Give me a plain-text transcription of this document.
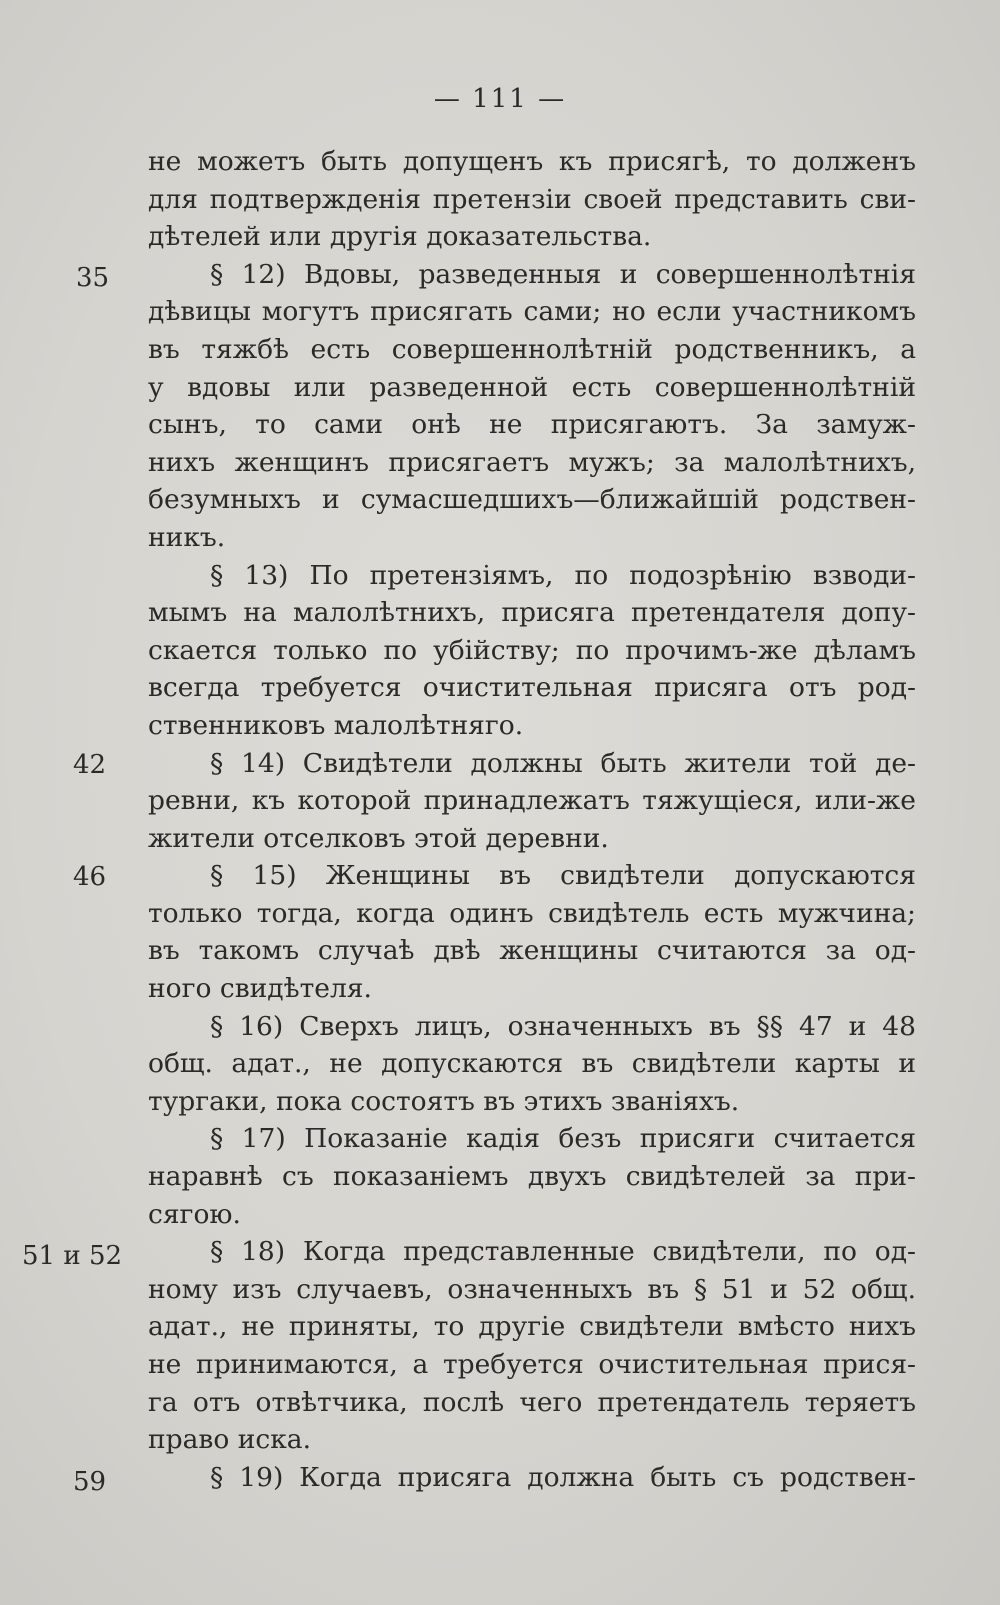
— 111 —
35
42
46
51 и 52
59
не можетъ быть допущенъ къ присягѣ, то долженъ
для подтвержденія претензіи своей представить сви-
дѣтелей или другія доказательства.
§ 12) Вдовы, разведенныя и совершеннолѣтнія
дѣвицы могутъ присягать сами; но если участникомъ
въ тяжбѣ есть совершеннолѣтній родственникъ, а
у вдовы или разведенной есть совершеннолѣтній
сынъ, то сами онѣ не присягаютъ. За замуж-
нихъ женщинъ присягаетъ мужъ; за малолѣтнихъ,
безумныхъ и сумасшедшихъ—ближайшій родствен-
никъ.
§ 13) По претензіямъ, по подозрѣнію взводи-
мымъ на малолѣтнихъ, присяга претендателя допу-
скается только по убійству; по прочимъ-же дѣламъ
всегда требуется очистительная присяга отъ род-
ственниковъ малолѣтняго.
§ 14) Свидѣтели должны быть жители той де-
ревни, къ которой принадлежатъ тяжущіеся, или-же
жители отселковъ этой деревни.
§ 15) Женщины въ свидѣтели допускаются
только тогда, когда одинъ свидѣтель есть мужчина;
въ такомъ случаѣ двѣ женщины считаются за од-
ного свидѣтеля.
§ 16) Сверхъ лицъ, означенныхъ въ §§ 47 и 48
общ. адат., не допускаются въ свидѣтели карты и
тургаки, пока состоятъ въ этихъ званіяхъ.
§ 17) Показаніе кадія безъ присяги считается
наравнѣ съ показаніемъ двухъ свидѣтелей за при-
сягою.
§ 18) Когда представленные свидѣтели, по од-
ному изъ случаевъ, означенныхъ въ § 51 и 52 общ.
адат., не приняты, то другіе свидѣтели вмѣсто нихъ
не принимаются, а требуется очистительная прися-
га отъ отвѣтчика, послѣ чего претендатель теряетъ
право иска.
§ 19) Когда присяга должна быть съ родствен-
